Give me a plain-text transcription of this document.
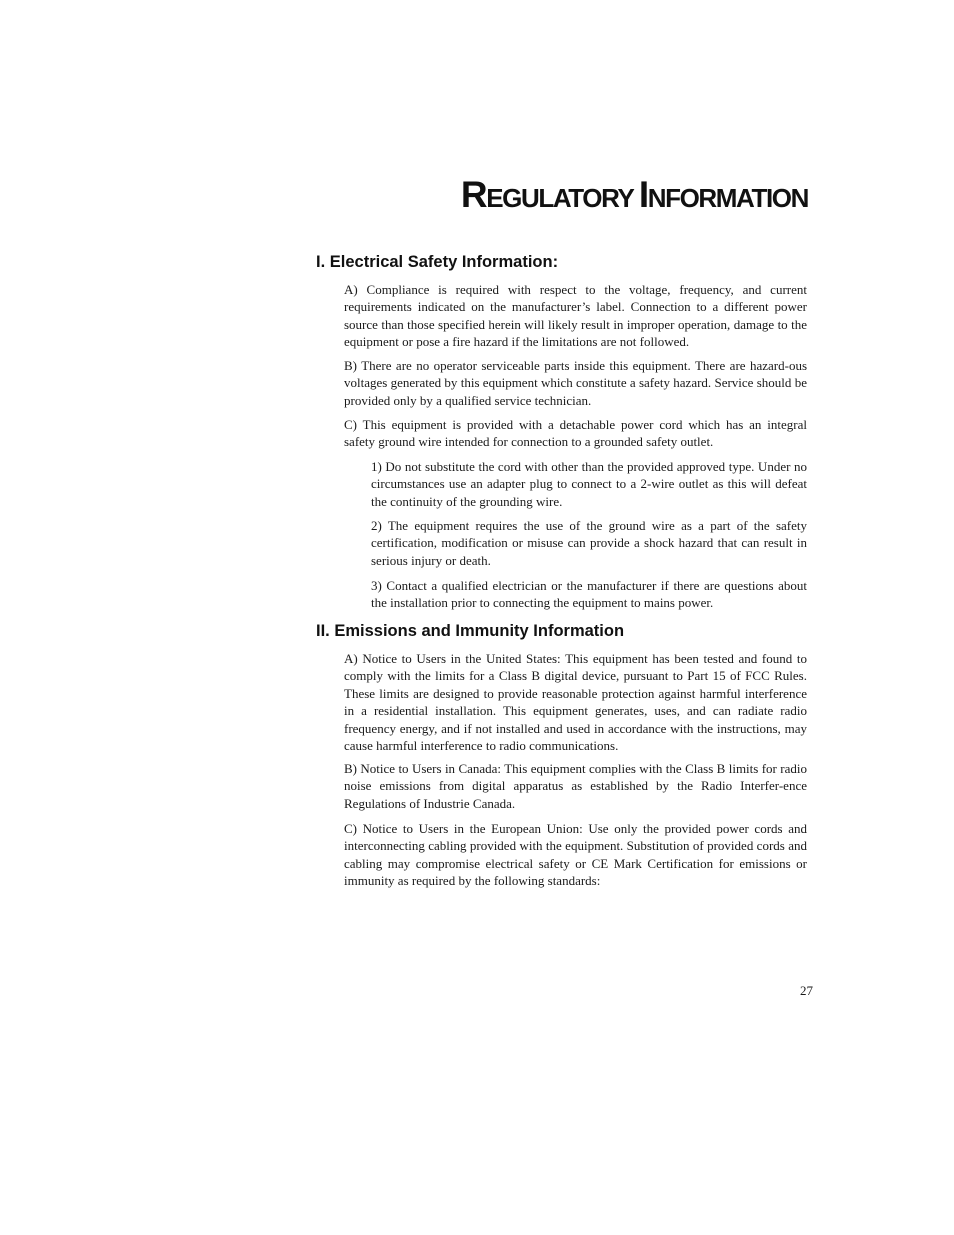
REGULATORY INFORMATION
I. Electrical Safety Information:

A) Compliance is required with respect to the voltage, frequency, and current requirements indicated on the manufacturer’s label. Connection to a different power source than those specified herein will likely result in improper operation, damage to the equipment or pose a fire hazard if the limitations are not followed.

B) There are no operator serviceable parts inside this equipment. There are hazard-ous voltages generated by this equipment which constitute a safety hazard. Service should be provided only by a qualified service technician.

C) This equipment is provided with a detachable power cord which has an integral safety ground wire intended for connection to a grounded safety outlet.

1) Do not substitute the cord with other than the provided approved type. Under no circumstances use an adapter plug to connect to a 2-wire outlet as this will defeat the continuity of the grounding wire.

2) The equipment requires the use of the ground wire as a part of the safety certification, modification or misuse can provide a shock hazard that can result in serious injury or death.

3) Contact a qualified electrician or the manufacturer if there are questions about the installation prior to connecting the equipment to mains power.

II. Emissions and Immunity Information

A) Notice to Users in the United States: This equipment has been tested and found to comply with the limits for a Class B digital device, pursuant to Part 15 of FCC Rules. These limits are designed to provide reasonable protection against harmful interference in a residential installation. This equipment generates, uses, and can radiate radio frequency energy, and if not installed and used in accordance with the instructions, may cause harmful interference to radio communications.

B) Notice to Users in Canada: This equipment complies with the Class B limits for radio noise emissions from digital apparatus as established by the Radio Interfer-ence Regulations of Industrie Canada.

C) Notice to Users in the European Union: Use only the provided power cords and interconnecting cabling provided with the equipment. Substitution of provided cords and cabling may compromise electrical safety or CE Mark Certification for emissions or immunity as required by the following standards:

27
